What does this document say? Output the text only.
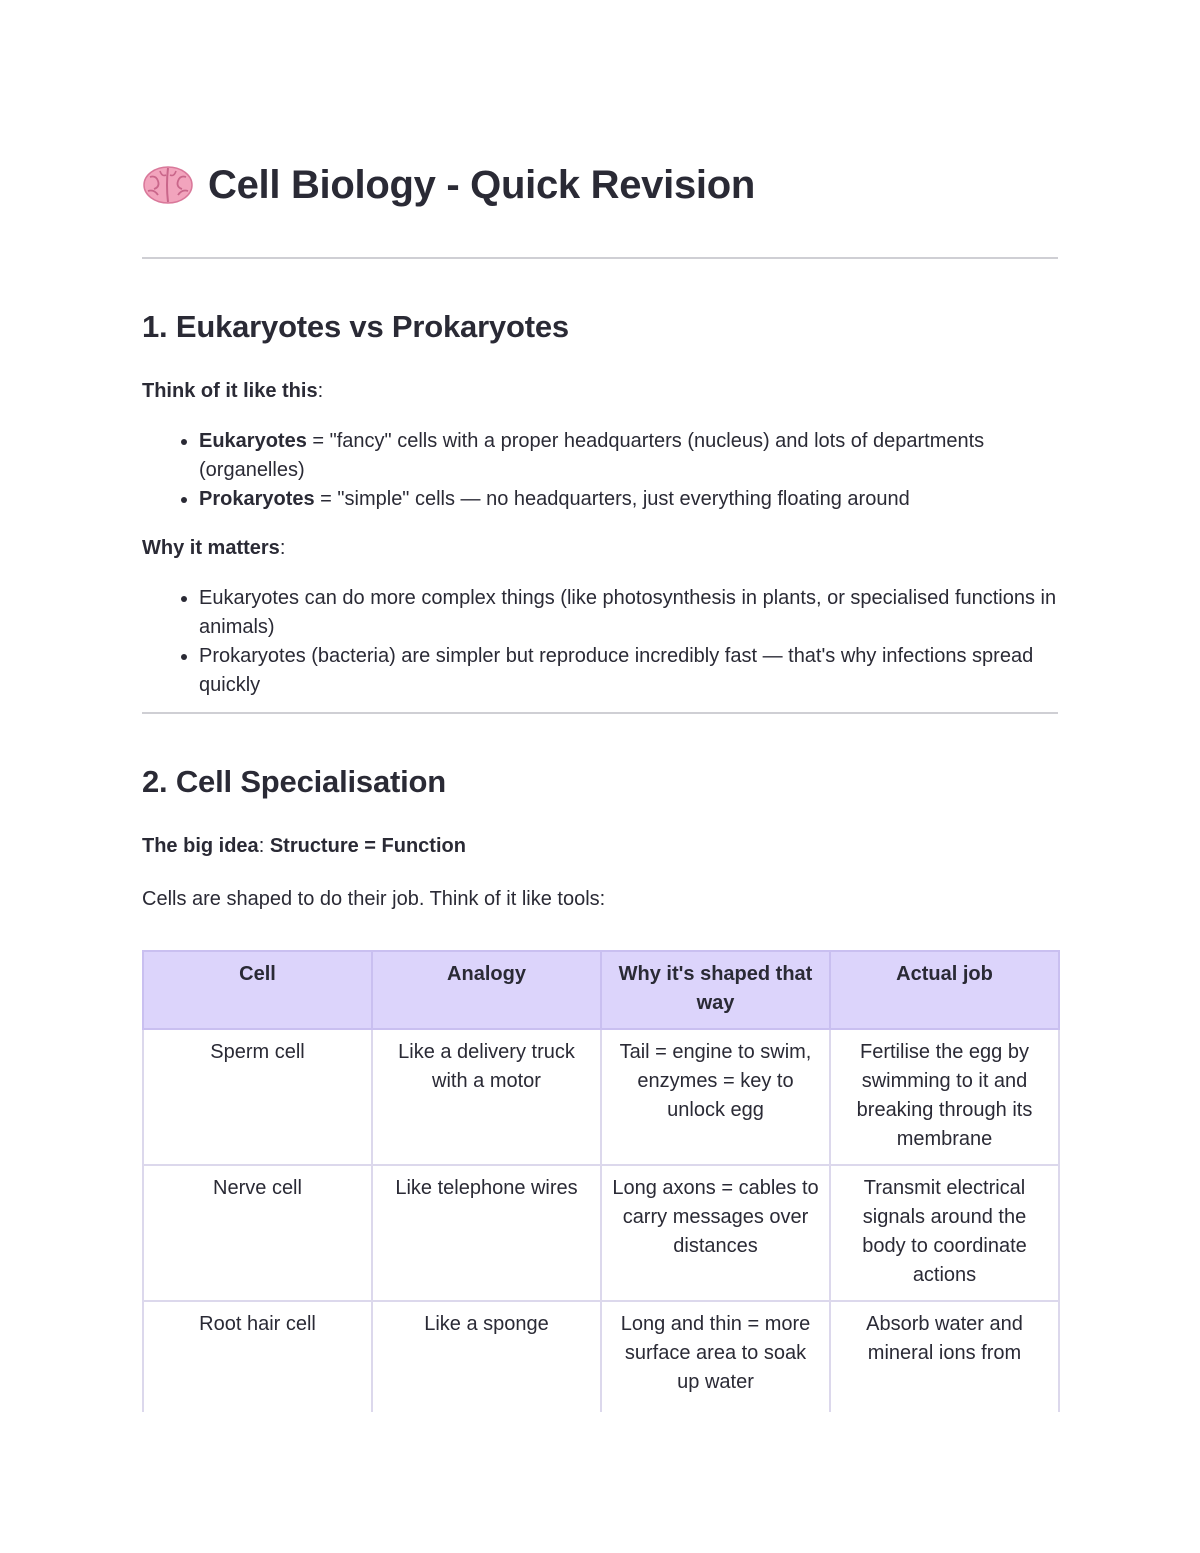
Cell Biology - Quick Revision
1. Eukaryotes vs Prokaryotes

Think of it like this:

• Eukaryotes = "fancy" cells with a proper headquarters (nucleus) and lots of departments (organelles)
• Prokaryotes = "simple" cells — no headquarters, just everything floating around

Why it matters:

• Eukaryotes can do more complex things (like photosynthesis in plants, or specialised functions in animals)
• Prokaryotes (bacteria) are simpler but reproduce incredibly fast — that's why infections spread quickly
2. Cell Specialisation

The big idea: Structure = Function

Cells are shaped to do their job. Think of it like tools:

Cell	Analogy	Why it's shaped that way	Actual job
Sperm cell	Like a delivery truck with a motor	Tail = engine to swim, enzymes = key to unlock egg	Fertilise the egg by swimming to it and breaking through its membrane
Nerve cell	Like telephone wires	Long axons = cables to carry messages over distances	Transmit electrical signals around the body to coordinate actions
Root hair cell	Like a sponge	Long and thin = more surface area to soak up water	Absorb water and mineral ions from
